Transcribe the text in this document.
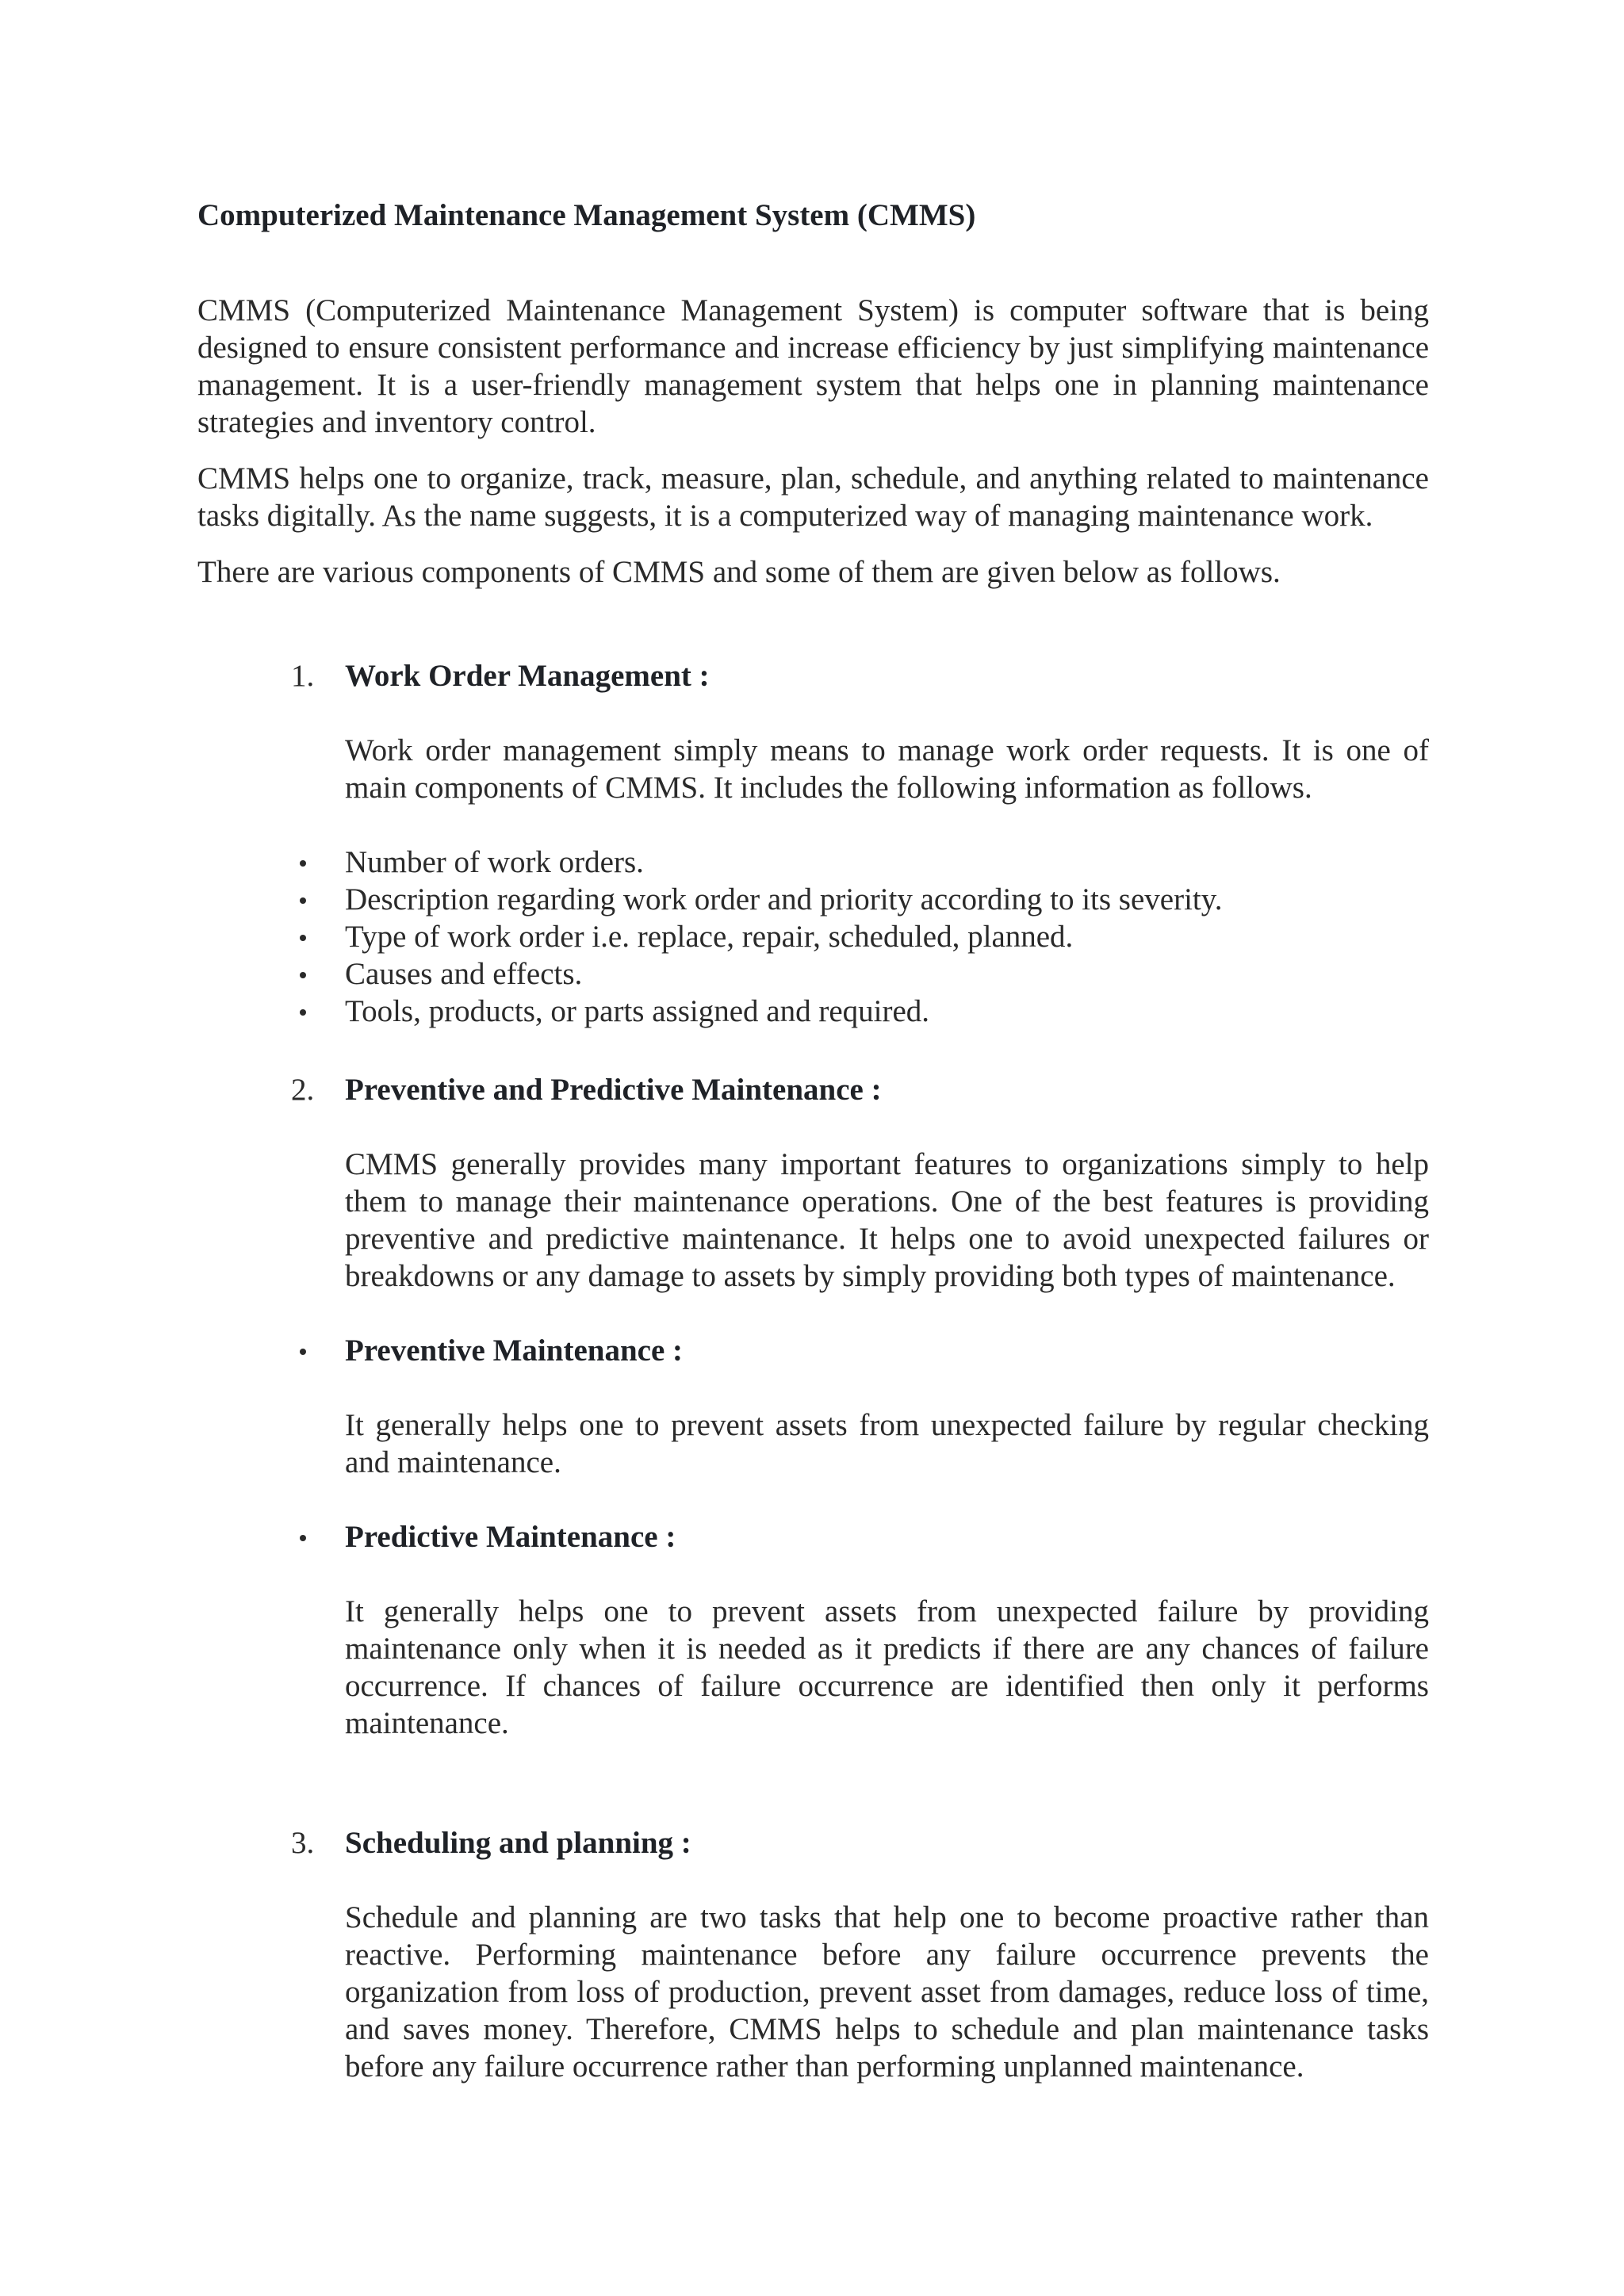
Computerized Maintenance Management System (CMMS)

CMMS (Computerized Maintenance Management System) is computer software that is being designed to ensure consistent performance and increase efficiency by just simplifying maintenance management. It is a user-friendly management system that helps one in planning maintenance strategies and inventory control.

CMMS helps one to organize, track, measure, plan, schedule, and anything related to maintenance tasks digitally. As the name suggests, it is a computerized way of managing maintenance work.

There are various components of CMMS and some of them are given below as follows.

1. Work Order Management :

Work order management simply means to manage work order requests. It is one of main components of CMMS. It includes the following information as follows.

Number of work orders.
Description regarding work order and priority according to its severity.
Type of work order i.e. replace, repair, scheduled, planned.
Causes and effects.
Tools, products, or parts assigned and required.
2. Preventive and Predictive Maintenance :

CMMS generally provides many important features to organizations simply to help them to manage their maintenance operations. One of the best features is providing preventive and predictive maintenance. It helps one to avoid unexpected failures or breakdowns or any damage to assets by simply providing both types of maintenance.

Preventive Maintenance :
It generally helps one to prevent assets from unexpected failure by regular checking and maintenance.
Predictive Maintenance :
It generally helps one to prevent assets from unexpected failure by providing maintenance only when it is needed as it predicts if there are any chances of failure occurrence. If chances of failure occurrence are identified then only it performs maintenance.
3. Scheduling and planning :

Schedule and planning are two tasks that help one to become proactive rather than reactive. Performing maintenance before any failure occurrence prevents the organization from loss of production, prevent asset from damages, reduce loss of time, and saves money. Therefore, CMMS helps to schedule and plan maintenance tasks before any failure occurrence rather than performing unplanned maintenance.
